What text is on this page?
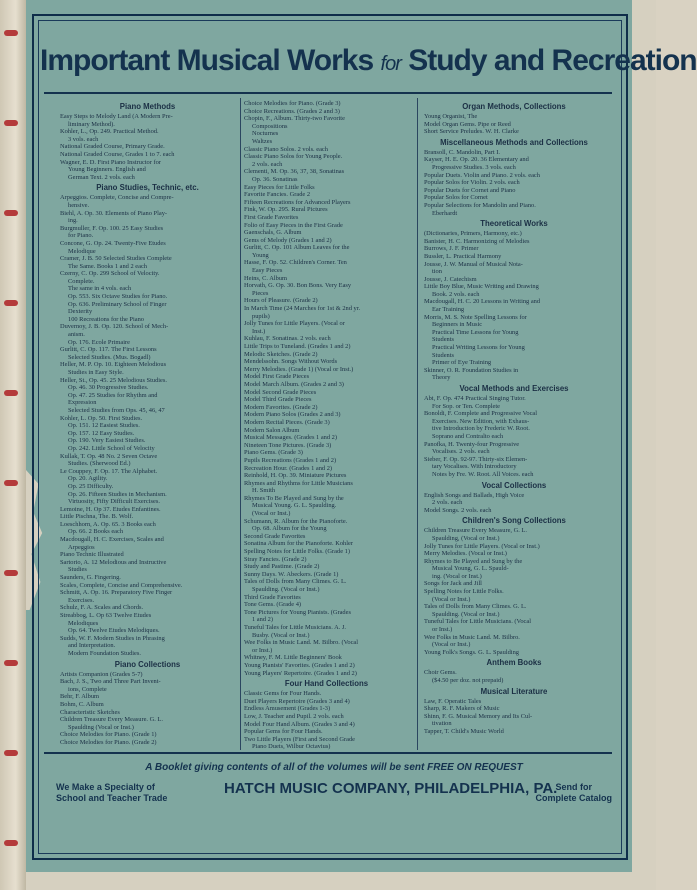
Important Musical Works for Study and Recreation
Piano Methods
Easy Steps to Melody Land (A Modern Pre-
liminary Method).
Kohler, L., Op. 249. Practical Method.
3 vols. each
National Graded Course, Primary Grade.
National Graded Course, Grades 1 to 7. each
Wagner, E. D. First Piano Instructor for
Young Beginners. English and
German Text. 2 vols. each
Piano Studies, Technic, etc.
Arpeggios. Complete, Concise and Compre-
hensive.
Biehl, A. Op. 30. Elements of Piano Play-
ing.
Burgmuller, F. Op. 100. 25 Easy Studies
for Piano.
Concone, G. Op. 24. Twenty-Five Etudes
Melodique
Cramer, J. B. 50 Selected Studies Complete
The Same. Books 1 and 2 each
Czerny, C. Op. 299 School of Velocity.
Complete.
The same in 4 vols. each
Op. 553. Six Octave Studies for Piano.
Op. 636. Preliminary School of Finger
Dexterity
100 Recreations for the Piano
Duvernoy, J. B. Op. 120. School of Mech-
anism.
Op. 176. Ecole Primaire
Gurlitt, C. Op. 117. The First Lessons
Selected Studies. (Mus. Bogadl)
Heller, M. P. Op. 10. Eighteen Melodious
Studies in Easy Style.
Heller, St., Op. 45. 25 Melodious Studies.
Op. 46. 30 Progressive Studies.
Op. 47. 25 Studies for Rhythm and
Expression
Selected Studies from Ops. 45, 46, 47
Kohler, L. Op. 50. First Studies.
Op. 151. 12 Easiest Studies.
Op. 157. 12 Easy Studies.
Op. 190. Very Easiest Studies.
Op. 242. Little School of Velocity
Kullak, T. Op. 48 No. 2 Seven Octave
Studies. (Sherwood Ed.)
Le Couppey, F. Op. 17. The Alphabet.
Op. 20. Agility.
Op. 25 Difficulty.
Op. 26. Fifteen Studies in Mechanism.
Virtuosity, Fifty Difficult Exercises.
Lemoine, H. Op 37. Etudes Enfantines.
Little Pischna, The. B. Wolf.
Loeschhorn, A. Op. 65. 3 Books each
Op. 66. 2 Books each
Macdougall, H. C. Exercises, Scales and
Arpeggios
Piano Technic Illustrated
Sartorio, A. 12 Melodious and Instructive
Studies
Saunders, G. Fingering.
Scales, Complete, Concise and Comprehensive.
Schmitt, A. Op. 16. Preparatory Five Finger
Exercises.
Schulz, F. A. Scales and Chords.
Streabbog, L. Op 63 Twelve Etudes
Melodiques
Op. 64. Twelve Etudes Melodiques.
Sudds, W. F. Modern Studies in Phrasing
and Interpretation.
Modern Foundation Studies.
Piano Collections
Artists Companion (Grades 5-7)
Bach, J. S., Two and Three Part Invent-
ions, Complete
Behr, F. Album
Bohm, C. Album
Characteristic Sketches
Children Treasure Every Measure. G. L.
Spaulding (Vocal or Inst.)
Choice Melodies for Piano. (Grade 1)
Choice Melodies for Piano. (Grade 2)
Choice Melodies for Piano. (Grade 3)
Choice Recreations. (Grades 2 and 3)
Chopin, F., Album. Thirty-two Favorite
Compositions
Nocturnes
Waltzes
Classic Piano Solos. 2 vols. each
Classic Piano Solos for Young People.
2 vols. each
Clementi, M. Op. 36, 37, 38, Sonatinas
Op. 36. Sonatinas
Easy Pieces for Little Folks
Favorite Fancies. Grade 2
Fifteen Recreations for Advanced Players
Fink, W. Op. 295. Rural Pictures
First Grade Favorites
Folio of Easy Pieces in the First Grade
Gaenschals, G. Album
Gems of Melody (Grades 1 and 2)
Gurlitt, C. Op. 101 Album Leaves for the
Young
Hasse, F. Op. 52. Children's Corner. Ten
Easy Pieces
Heins, C. Album
Horvath, G. Op. 30. Bon Bons. Very Easy
Pieces
Hours of Pleasure. (Grade 2)
In March Time (24 Marches for 1st & 2nd yr.
pupils)
Jolly Tunes for Little Players. (Vocal or
Inst.)
Kuhlau, F. Sonatinas. 2 vols. each
Little Trips to Tuneland. (Grades 1 and 2)
Melodic Sketches. (Grade 2)
Mendelssohn. Songs Without Words
Merry Melodies. (Grade 1) (Vocal or Inst.)
Model First Grade Pieces
Model March Album. (Grades 2 and 3)
Model Second Grade Pieces
Model Third Grade Pieces
Modern Favorites. (Grade 2)
Modern Piano Solos (Grades 2 and 3)
Modern Recital Pieces. (Grade 3)
Modern Salon Album
Musical Messages. (Grades 1 and 2)
Nineteen Tone Pictures. (Grade 3)
Piano Gems. (Grade 3)
Pupils Recreations (Grades 1 and 2)
Recreation Hour. (Grades 1 and 2)
Reinhold, H. Op. 39. Miniature Pictures
Rhymes and Rhythms for Little Musicians
H. Smith
Rhymes To Be Played and Sung by the
Musical Young. G. L. Spaulding.
(Vocal or Inst.)
Schumann, R. Album for the Pianoforte.
Op. 68. Album for the Young
Second Grade Favorites
Sonatina Album for the Pianoforte. Kohler
Spelling Notes for Little Folks. (Grade 1)
Stray Fancies. (Grade 2)
Study and Pastime. (Grade 2)
Sunny Days. W. Abeckers. (Grade 1)
Tales of Dolls from Many Climes. G. L.
Spaulding. (Vocal or Inst.)
Third Grade Favorites
Tone Gems. (Grade 4)
Tone Pictures for Young Pianists. (Grades
1 and 2)
Tuneful Tales for Little Musicians. A. J.
Busby. (Vocal or Inst.)
Wee Folks in Music Land. M. Bilbro. (Vocal
or Inst.)
Whitney, F. M. Little Beginners' Book
Young Pianists' Favorites. (Grades 1 and 2)
Young Players' Repertoire. (Grades 1 and 2)
Four Hand Collections
Classic Gems for Four Hands.
Duet Players Repertoire (Grades 3 and 4)
Endless Amusement (Grades 1-3)
Low, J. Teacher and Pupil. 2 vols. each
Model Four Hand Album. (Grades 3 and 4)
Popular Gems for Four Hands.
Two Little Players (First and Second Grade
Piano Duets, Wilbur Octavius)
Organ Methods, Collections
Young Organist, The
Model Organ Gems. Pipe or Reed
Short Service Preludes. W. H. Clarke
Miscellaneous Methods and Collections
Bransoll, C. Mandolin, Part I.
Kayser, H. E. Op. 20. 36 Elementary and
Progressive Studies. 3 vols. each
Popular Duets. Violin and Piano. 2 vols. each
Popular Solos for Violin. 2 vols. each
Popular Duets for Cornet and Piano
Popular Solos for Cornet
Popular Selections for Mandolin and Piano.
Eberhardt
Theoretical Works
(Dictionaries, Primers, Harmony, etc.)
Banister, H. C. Harmonizing of Melodies
Burrows, J. F. Primer
Bussler, L. Practical Harmony
Jousse, J. W. Manual of Musical Nota-
tion
Jousse, J. Catechism
Little Boy Blue, Music Writing and Drawing
Book. 2 vols. each
Macdougall, H. C. 20 Lessons in Writing and
Ear Training
Morris, M. S. Note Spelling Lessons for
Beginners in Music
Practical Time Lessons for Young
Students
Practical Writing Lessons for Young
Students
Primer of Eye Training
Skinner, O. R. Foundation Studies in
Theory
Vocal Methods and Exercises
Abt, F. Op. 474 Practical Singing Tutor.
For Sop. or Ten. Complete
Bonoldi, F. Complete and Progressive Vocal
Exercises. New Edition, with Exhaus-
tive Introduction by Frederic W. Root.
Soprano and Contralto each
Panofka, H. Twenty-four Progressive
Vocalises. 2 vols. each
Sieber, F. Op. 92-97. Thirty-six Elemen-
tary Vocalises. With Introductory
Notes by Fre. W. Root. All Voices. each
Vocal Collections
English Songs and Ballads, High Voice
2 vols. each
Model Songs. 2 vols. each
Children's Song Collections
Children Treasure Every Measure, G. L.
Spaulding, (Vocal or Inst.)
Jolly Tunes for Little Players. (Vocal or Inst.)
Merry Melodies. (Vocal or Inst.)
Rhymes to Be Played and Sung by the
Musical Young, G. L. Spauld-
ing. (Vocal or Inst.)
Songs for Jack and Jill
Spelling Notes for Little Folks.
(Vocal or Inst.)
Tales of Dolls from Many Climes. G. L.
Spaulding. (Vocal or Inst.)
Tuneful Tales for Little Musicians. (Vocal
or Inst.)
Wee Folks in Music Land. M. Bilbro.
(Vocal or Inst.)
Young Folk's Songs. G. L. Spaulding
Anthem Books
Choir Gems.
($4.50 per doz. not prepaid)
Musical Literature
Law, F. Operatic Tales
Sharp, R. F. Makers of Music
Shinn, F. G. Musical Memory and Its Cul-
tivation
Tapper, T. Child's Music World
A Booklet giving contents of all of the volumes will be sent FREE ON REQUEST
We Make a Specialty of
School and Teacher Trade
HATCH MUSIC COMPANY, PHILADELPHIA, PA.
Send for
Complete Catalog
